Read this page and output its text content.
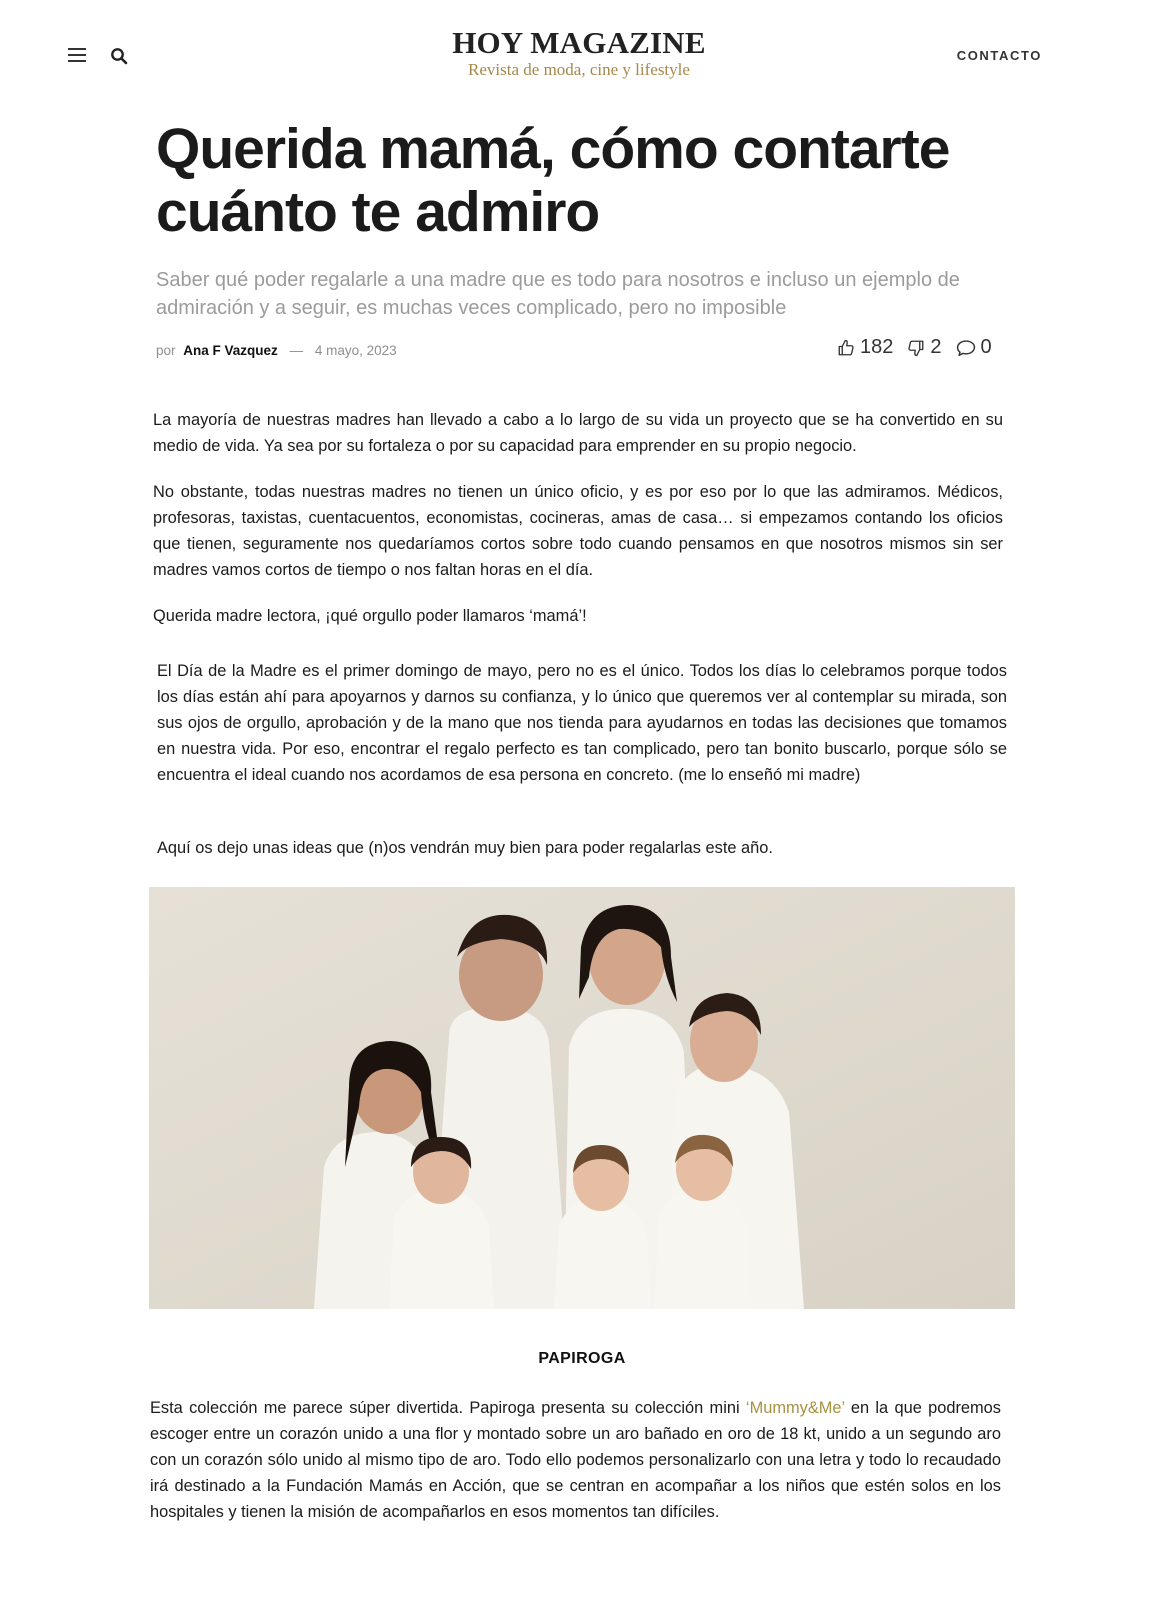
HOY MAGAZINE
Revista de moda, cine y lifestyle
CONTACTO
Querida mamá, cómo contarte cuánto te admiro

Saber qué poder regalarle a una madre que es todo para nosotros e incluso un ejemplo de admiración y a seguir, es muchas veces complicado, pero no imposible

por Ana F Vazquez — 4 mayo, 2023	182 2 0

La mayoría de nuestras madres han llevado a cabo a lo largo de su vida un proyecto que se ha convertido en su medio de vida. Ya sea por su fortaleza o por su capacidad para emprender en su propio negocio.

No obstante, todas nuestras madres no tienen un único oficio, y es por eso por lo que las admiramos. Médicos, profesoras, taxistas, cuentacuentos, economistas, cocineras, amas de casa… si empezamos contando los oficios que tienen, seguramente nos quedaríamos cortos sobre todo cuando pensamos en que nosotros mismos sin ser madres vamos cortos de tiempo o nos faltan horas en el día.

Querida madre lectora, ¡qué orgullo poder llamaros ‘mamá’!

El Día de la Madre es el primer domingo de mayo, pero no es el único. Todos los días lo celebramos porque todos los días están ahí para apoyarnos y darnos su confianza, y lo único que queremos ver al contemplar su mirada, son sus ojos de orgullo, aprobación y de la mano que nos tienda para ayudarnos en todas las decisiones que tomamos en nuestra vida. Por eso, encontrar el regalo perfecto es tan complicado, pero tan bonito buscarlo, porque sólo se encuentra el ideal cuando nos acordamos de esa persona en concreto. (me lo enseñó mi madre)

Aquí os dejo unas ideas que (n)os vendrán muy bien para poder regalarlas este año.

PAPIROGA

Esta colección me parece súper divertida. Papiroga presenta su colección mini ‘Mummy&Me’ en la que podremos escoger entre un corazón unido a una flor y montado sobre un aro bañado en oro de 18 kt, unido a un segundo aro con un corazón sólo unido al mismo tipo de aro. Todo ello podemos personalizarlo con una letra y todo lo recaudado irá destinado a la Fundación Mamás en Acción, que se centran en acompañar a los niños que estén solos en los hospitales y tienen la misión de acompañarlos en esos momentos tan difíciles.
